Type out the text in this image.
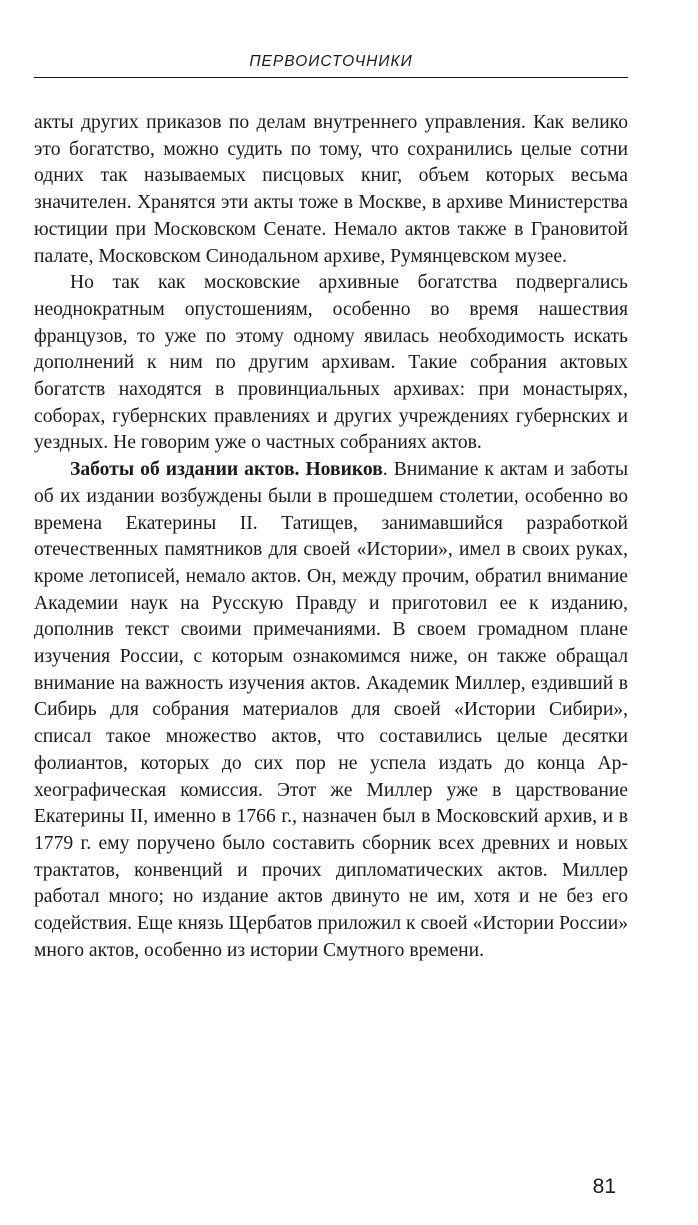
ПЕРВОИСТОЧНИКИ

акты других приказов по делам внутреннего управления. Как велико это богатство, можно судить по тому, что сохранились целые сотни одних так называемых писцовых книг, объем которых весьма значителен. Хранятся эти акты тоже в Москве, в архиве Министерства юстиции при Московском Сенате. Немало актов также в Грановитой палате, Московском Синодальном архиве, Румянцевском музее.

Но так как московские архивные богатства подвергались неоднократным опустошениям, особенно во время нашествия французов, то уже по этому одному явилась необходимость искать дополнений к ним по другим архивам. Такие собрания актовых богатств находятся в провинциальных архивах: при монастырях, соборах, губернских правлениях и других учреждениях губернских и уездных. Не говорим уже о частных собраниях актов.

Заботы об издании актов. Новиков. Внимание к актам и заботы об их издании возбуждены были в прошедшем столетии, особенно во времена Екатерины II. Татищев, занимавшийся разработкой отечественных памятников для своей «Истории», имел в своих руках, кроме летописей, немало актов. Он, между прочим, обратил внимание Академии наук на Русскую Правду и приготовил ее к изданию, дополнив текст своими примечаниями. В своем громадном плане изучения России, с которым ознакомимся ниже, он также обращал внимание на важность изучения актов. Академик Миллер, ездивший в Сибирь для собрания материалов для своей «Истории Сибири», списал такое множество актов, что составились целые десятки фолиантов, которых до сих пор не успела издать до конца Археографическая комиссия. Этот же Миллер уже в царствование Екатерины II, именно в 1766 г., назначен был в Московский архив, и в 1779 г. ему поручено было составить сборник всех древних и новых трактатов, конвенций и прочих дипломатических актов. Миллер работал много; но издание актов двинуто не им, хотя и не без его содействия. Еще князь Щербатов приложил к своей «Истории России» много актов, особенно из истории Смутного времени.

81
